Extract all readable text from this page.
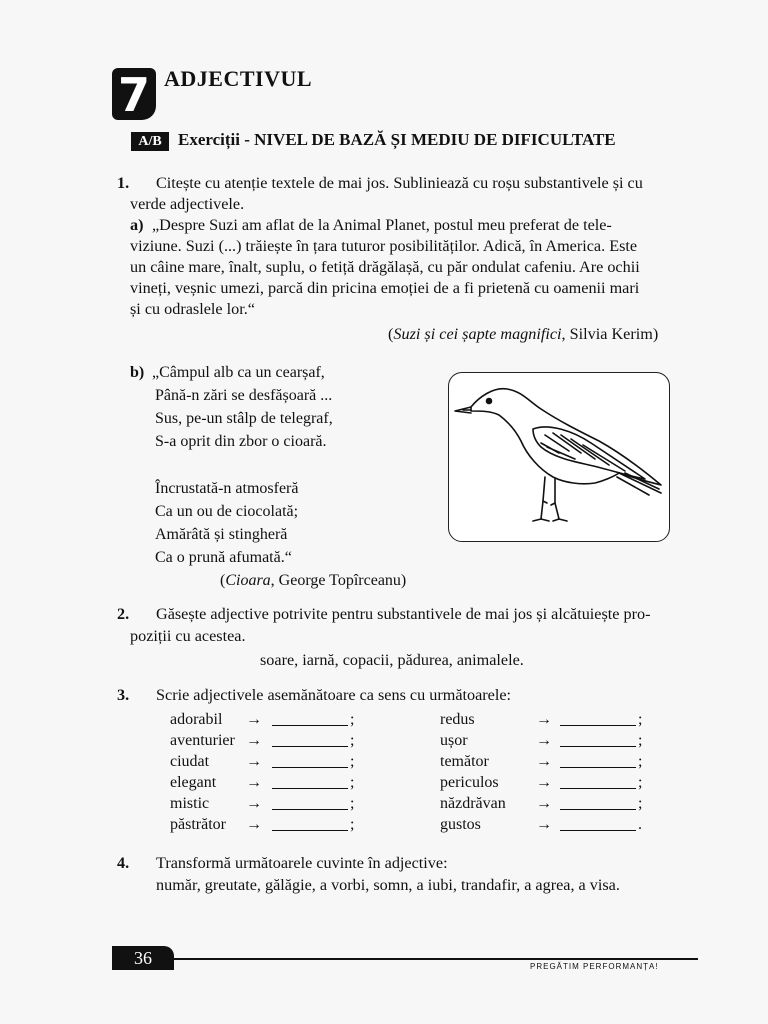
7 ADJECTIVUL
A/B Exerciții - NIVEL DE BAZĂ ȘI MEDIU DE DIFICULTATE
1. Citește cu atenție textele de mai jos. Subliniează cu roșu substantivele și cu
verde adjectivele.
a) „Despre Suzi am aflat de la Animal Planet, postul meu preferat de tele-
viziune. Suzi (...) trăiește în țara tuturor posibilităților. Adică, în America. Este
un câine mare, înalt, suplu, o fetiță drăgălașă, cu păr ondulat cafeniu. Are ochii
vineți, veșnic umezi, parcă din pricina emoției de a fi prietenă cu oamenii mari
și cu odraslele lor.“
(Suzi și cei șapte magnifici, Silvia Kerim)
b) „Câmpul alb ca un cearșaf,
Până-n zări se desfășoară ...
Sus, pe-un stâlp de telegraf,
S-a oprit din zbor o cioară.
Încrustată-n atmosferă
Ca un ou de ciocolată;
Amărâtă și stingheră
Ca o prună afumată.“
(Cioara, George Topîrceanu)
2. Găsește adjective potrivite pentru substantivele de mai jos și alcătuiește pro-
poziții cu acestea.
soare, iarnă, copacii, pădurea, animalele.
3. Scrie adjectivele asemănătoare ca sens cu următoarele:
adorabil →	;	redus	→	;
aventurier →	;	ușor	→	;
ciudat →	;	temător	→	;
elegant →	;	periculos →	;
mistic →	;	năzdrăvan →	;
păstrător →	;	gustos	→	.
4. Transformă următoarele cuvinte în adjective:
număr, greutate, gălăgie, a vorbi, somn, a iubi, trandafir, a agrea, a visa.
36	PREGĂTIM PERFORMANȚA!
